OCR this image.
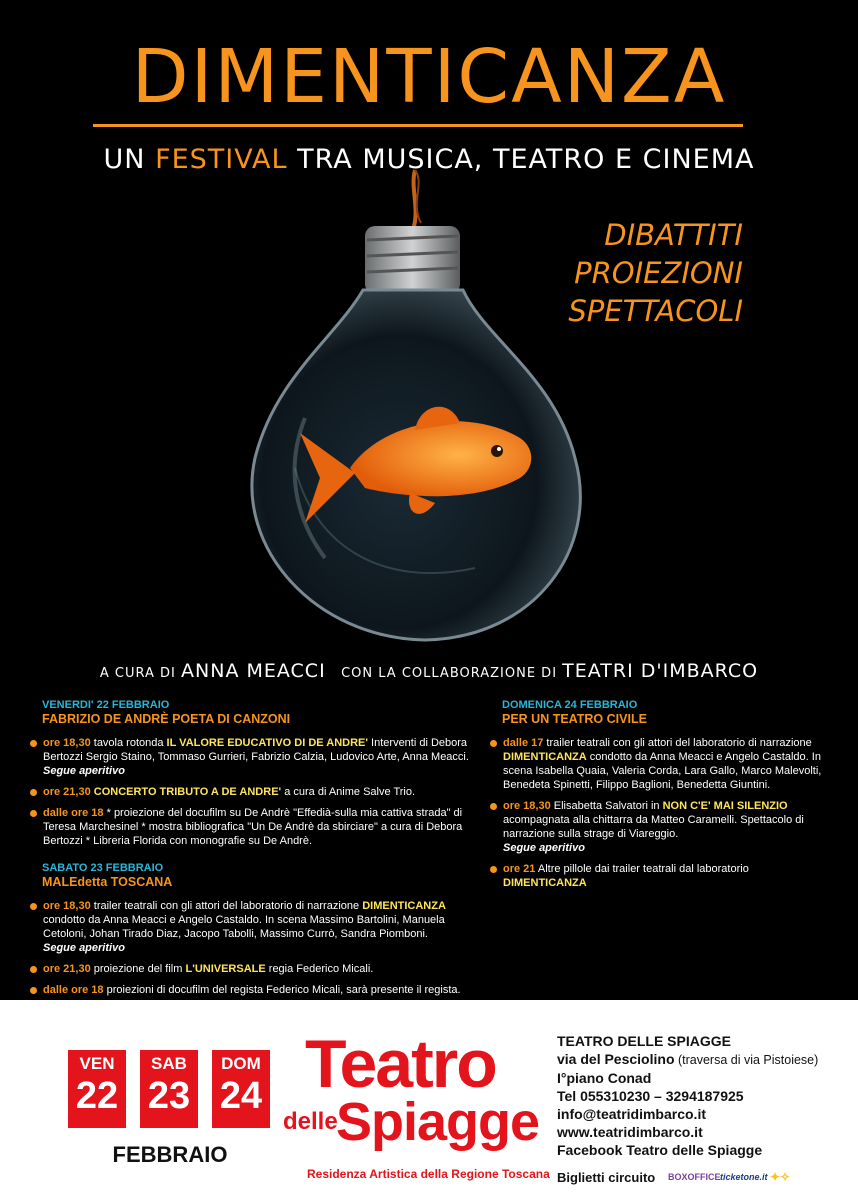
DIMENTICANZA
UN FESTIVAL TRA MUSICA, TEATRO E CINEMA
DIBATTITI
PROIEZIONI
SPETTACOLI
A CURA DI ANNA MEACCI CON LA COLLABORAZIONE DI TEATRI D'IMBARCO
VENERDI' 22 FEBBRAIO
FABRIZIO DE ANDRÈ POETA DI CANZONI
ore 18,30 tavola rotonda IL VALORE EDUCATIVO DI DE ANDRE' Interventi di Debora Bertozzi Sergio Staino, Tommaso Gurrieri, Fabrizio Calzia, Ludovico Arte, Anna Meacci.
Segue aperitivo
ore 21,30 CONCERTO TRIBUTO A DE ANDRE' a cura di Anime Salve Trio.
dalle ore 18 * proiezione del docufilm su De Andrè "Effedià-sulla mia cattiva strada" di Teresa Marchesinel * mostra bibliografica "Un De Andrè da sbirciare" a cura di Debora Bertozzi * Libreria Florida con monografie su De Andrè.
SABATO 23 FEBBRAIO
MALEdetta TOSCANA
ore 18,30 trailer teatrali con gli attori del laboratorio di narrazione DIMENTICANZA condotto da Anna Meacci e Angelo Castaldo. In scena Massimo Bartolini, Manuela Cetoloni, Johan Tirado Diaz, Jacopo Tabolli, Massimo Currò, Sandra Piomboni.
Segue aperitivo
ore 21,30 proiezione del film L'UNIVERSALE regia Federico Micali.
dalle ore 18 proiezioni di docufilm del regista Federico Micali, sarà presente il regista.
DOMENICA 24 FEBBRAIO
PER UN TEATRO CIVILE
dalle 17 trailer teatrali con gli attori del laboratorio di narrazione DIMENTICANZA condotto da Anna Meacci e Angelo Castaldo. In scena Isabella Quaia, Valeria Corda, Lara Gallo, Marco Malevolti, Benedeta Spinetti, Filippo Baglioni, Benedetta Giuntini.
ore 18,30 Elisabetta Salvatori in NON C'E' MAI SILENZIO acompagnata alla chittarra da Matteo Caramelli. Spettacolo di narrazione sulla strage di Viareggio.
Segue aperitivo
ore 21 Altre pillole dai trailer teatrali dal laboratorio DIMENTICANZA
VEN
22
SAB
23
DOM
24
FEBBRAIO
Teatro
delle
Spiagge
Residenza Artistica della Regione Toscana
TEATRO DELLE SPIAGGE
via del Pesciolino (traversa di via Pistoiese)
I°piano Conad
Tel 055310230 – 3294187925
info@teatridimbarco.it
www.teatridimbarco.it
Facebook Teatro delle Spiagge
Biglietti circuito BOXOFFICE ticketone.it ✦✧
